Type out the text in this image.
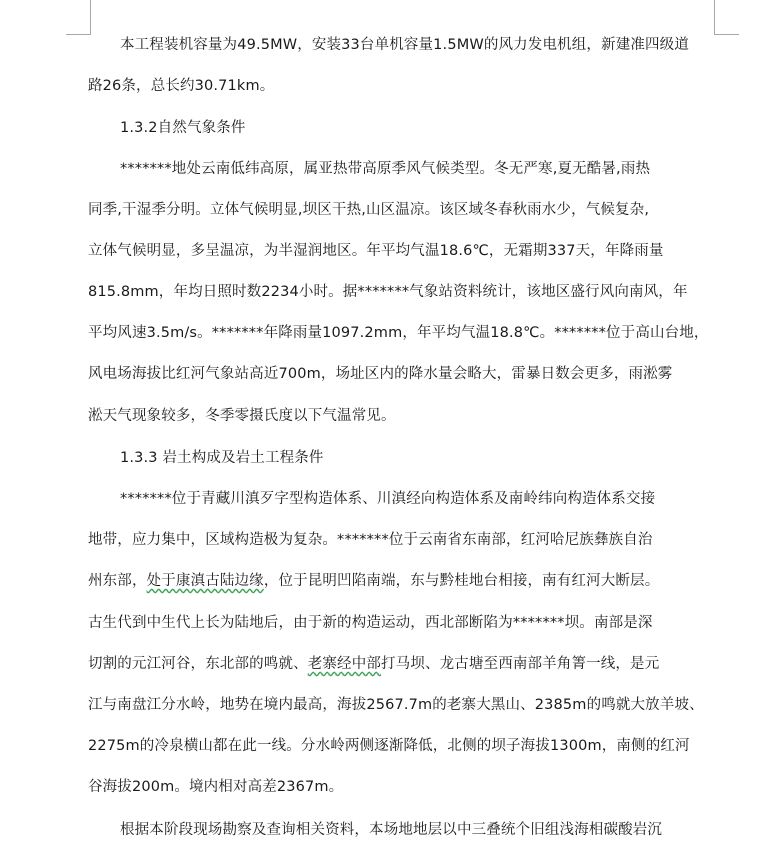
本工程装机容量为49.5MW，安装33台单机容量1.5MW的风力发电机组，新建准四级道
路26条，总长约30.71km。
1.3.2自然气象条件
*******地处云南低纬高原，属亚热带高原季风气候类型。冬无严寒,夏无酷暑,雨热
同季,干湿季分明。立体气候明显,坝区干热,山区温凉。该区域冬春秋雨水少，气候复杂,
立体气候明显，多呈温凉，为半湿润地区。年平均气温18.6℃，无霜期337天，年降雨量
815.8mm，年均日照时数2234小时。据*******气象站资料统计，该地区盛行风向南风，年
平均风速3.5m/s。*******年降雨量1097.2mm，年平均气温18.8℃。*******位于高山台地，
风电场海拔比红河气象站高近700m，场址区内的降水量会略大，雷暴日数会更多，雨淞雾
淞天气现象较多，冬季零摄氏度以下气温常见。
1.3.3 岩土构成及岩土工程条件
*******位于青藏川滇歹字型构造体系、川滇经向构造体系及南岭纬向构造体系交接
地带，应力集中，区域构造极为复杂。*******位于云南省东南部，红河哈尼族彝族自治
州东部，处于康滇古陆边缘，位于昆明凹陷南端，东与黔桂地台相接，南有红河大断层。
古生代到中生代上长为陆地后，由于新的构造运动，西北部断陷为*******坝。南部是深
切割的元江河谷，东北部的鸣就、老寨经中部打马坝、龙古塘至西南部羊角箐一线，是元
江与南盘江分水岭，地势在境内最高，海拔2567.7m的老寨大黑山、2385m的鸣就大放羊坡、
2275m的冷泉横山都在此一线。分水岭两侧逐渐降低，北侧的坝子海拔1300m，南侧的红河
谷海拔200m。境内相对高差2367m。
根据本阶段现场勘察及查询相关资料，本场地地层以中三叠统个旧组浅海相碳酸岩沉
